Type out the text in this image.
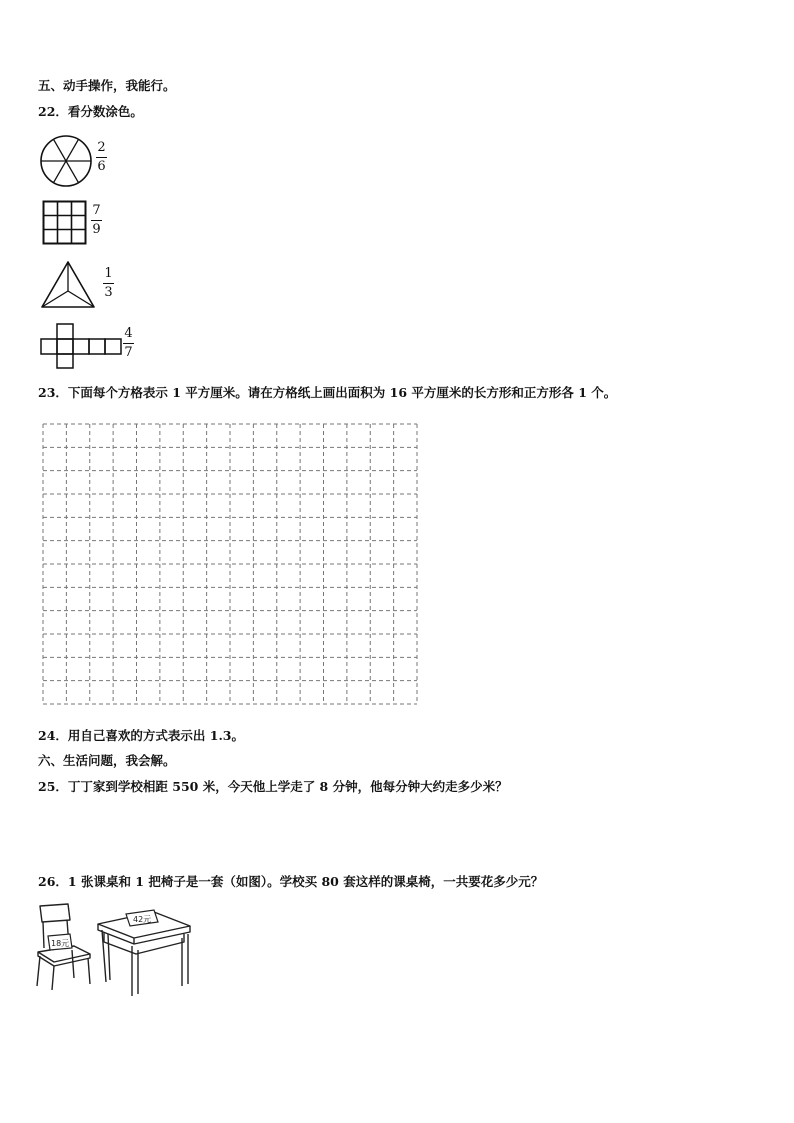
五、动手操作，我能行。
22．看分数涂色。
2
6
7
9
1
3
4
7
23．下面每个方格表示 1 平方厘米。请在方格纸上画出面积为 16 平方厘米的长方形和正方形各 1 个。
24．用自己喜欢的方式表示出 1.3。
六、生活问题，我会解。
25．丁丁家到学校相距 550 米，今天他上学走了 8 分钟，他每分钟大约走多少米？
26．1 张课桌和 1 把椅子是一套（如图）。学校买 80 套这样的课桌椅，一共要花多少元？
18元
42元
